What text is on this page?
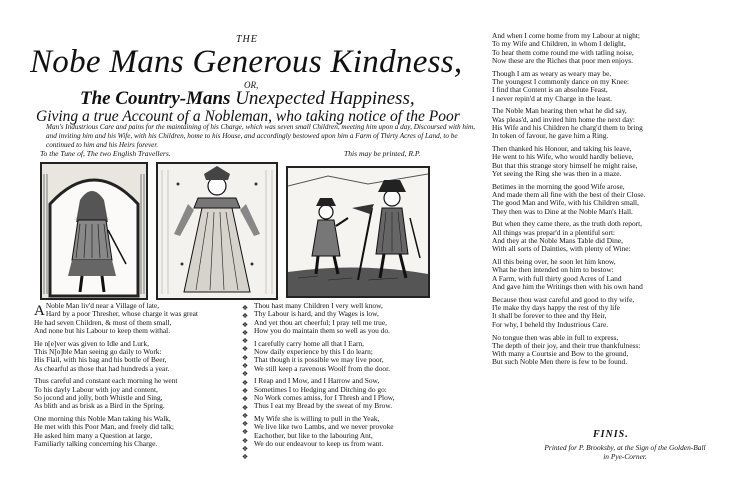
THE
Nobe Mans Generous Kindness,
OR,
The Country-Mans Unexpected Happiness,
Giving a true Account of a Nobleman, who taking notice of the Poor
Man's Industrious Care and pains for the maintaining of his Charge, which was seven small Children, meeting him upon a day, Discoursed with him, and inviting him and his Wife, with his Children, home to his House, and accordingly bestowed upon him a Farm of Thirty Acres of Land, to be continued to him and his Heirs forever.
To the Tune of, The two English Travellers.	This may be printed, R.P.

A Noble Man liv'd near a Village of late,
Hard by a poor Thresher, whose charge it was great
He had seven Children, & most of them small,
And none but his Labour to keep them withal.

He n[e]ver was given to Idle and Lurk,
This N[o]ble Man seeing go daily to Work:
His Flail, with his bag and his bottle of Beer,
As chearful as those that had hundreds a year.

Thus careful and constant each morning he went
To his dayly Labour with joy and content,
So jocond and jolly, both Whistle and Sing,
As blith and as brisk as a Bird in the Spring.

One morning this Noble Man taking his Walk,
He met with this Poor Man, and freely did talk;
He asked him many a Question at large,
Familiarly talking concerning his Charge.

❖
❖
❖
❖
❖
❖
❖
❖
❖
❖
❖
❖
❖
❖
❖
❖
❖
❖
❖

Thou hast many Children I very well know,
Thy Labour is hard, and thy Wages is low,
And yet thou art cheerful; I pray tell me true,
How you do maintain them so well as you do.

I carefully carry home all that I Earn,
Now daily experience by this I do learn;
That though it is possible we may live poor,
We still keep a ravenous Woolf from the door.

I Reap and I Mow, and I Harrow and Sow,
Sometimes I to Hedging and Ditching do go:
No Work comes amiss, for I Thresh and I Plow,
Thus I eat my Bread by the sweat of my Brow.

My Wife she is willing to pull in the Yeak,
We live like two Lambs, and we never provoke
Eachother, but like to the labouring Ant,
We do our endeavour to keep us from want.

And when I come home from my Labour at night;
To my Wife and Children, in whom I delight,
To hear them come round me with tatling noise,
Now these are the Riches that poor men enjoys.

Though I am as weary as weary may be,
The youngest I commonly dance on my Knee:
I find that Content is an absolute Feast,
I never repin'd at my Charge in the least.

The Noble Man hearing then what he did say,
Was pleas'd, and invited him home the next day:
His Wife and his Children he charg'd them to bring
In token of favour, he gave him a Ring.

Then thanked his Honour, and taking his leave,
He went to his Wife, who would hardly believe,
But that this strange story himself he might raise,
Yet seeing the Ring she was then in a maze.

Betimes in the morning the good Wife arose,
And made them all fine with the best of their Close.
The good Man and Wife, with his Children small,
They then was to Dine at the Noble Man's Hall.

But when they came there, as the truth doth report,
All things was prepar'd in a plentiful sort:
And they at the Noble Mans Table did Dine,
With all sorts of Dainties, with plenty of Wine:

All this being over, he soon let him know,
What he then intended on him to bestow:
A Farm, with full thirty good Acres of Land
And gave him the Writings then with his own hand

Because thou wast careful and good to thy wife,
I'le make thy days happy the rest of thy life
It shall be forever to thee and thy Heir,
For why, I beheld thy Industrious Care.

No tongue then was able in full to express,
The depth of their joy, and their true thankfulness:
With many a Courtsie and Bow to the ground,
But such Noble Men there is few to be found.

FINIS.
Printed for P. Brooksby, at the Sign of the Golden-Ball
in Pye-Corner.
